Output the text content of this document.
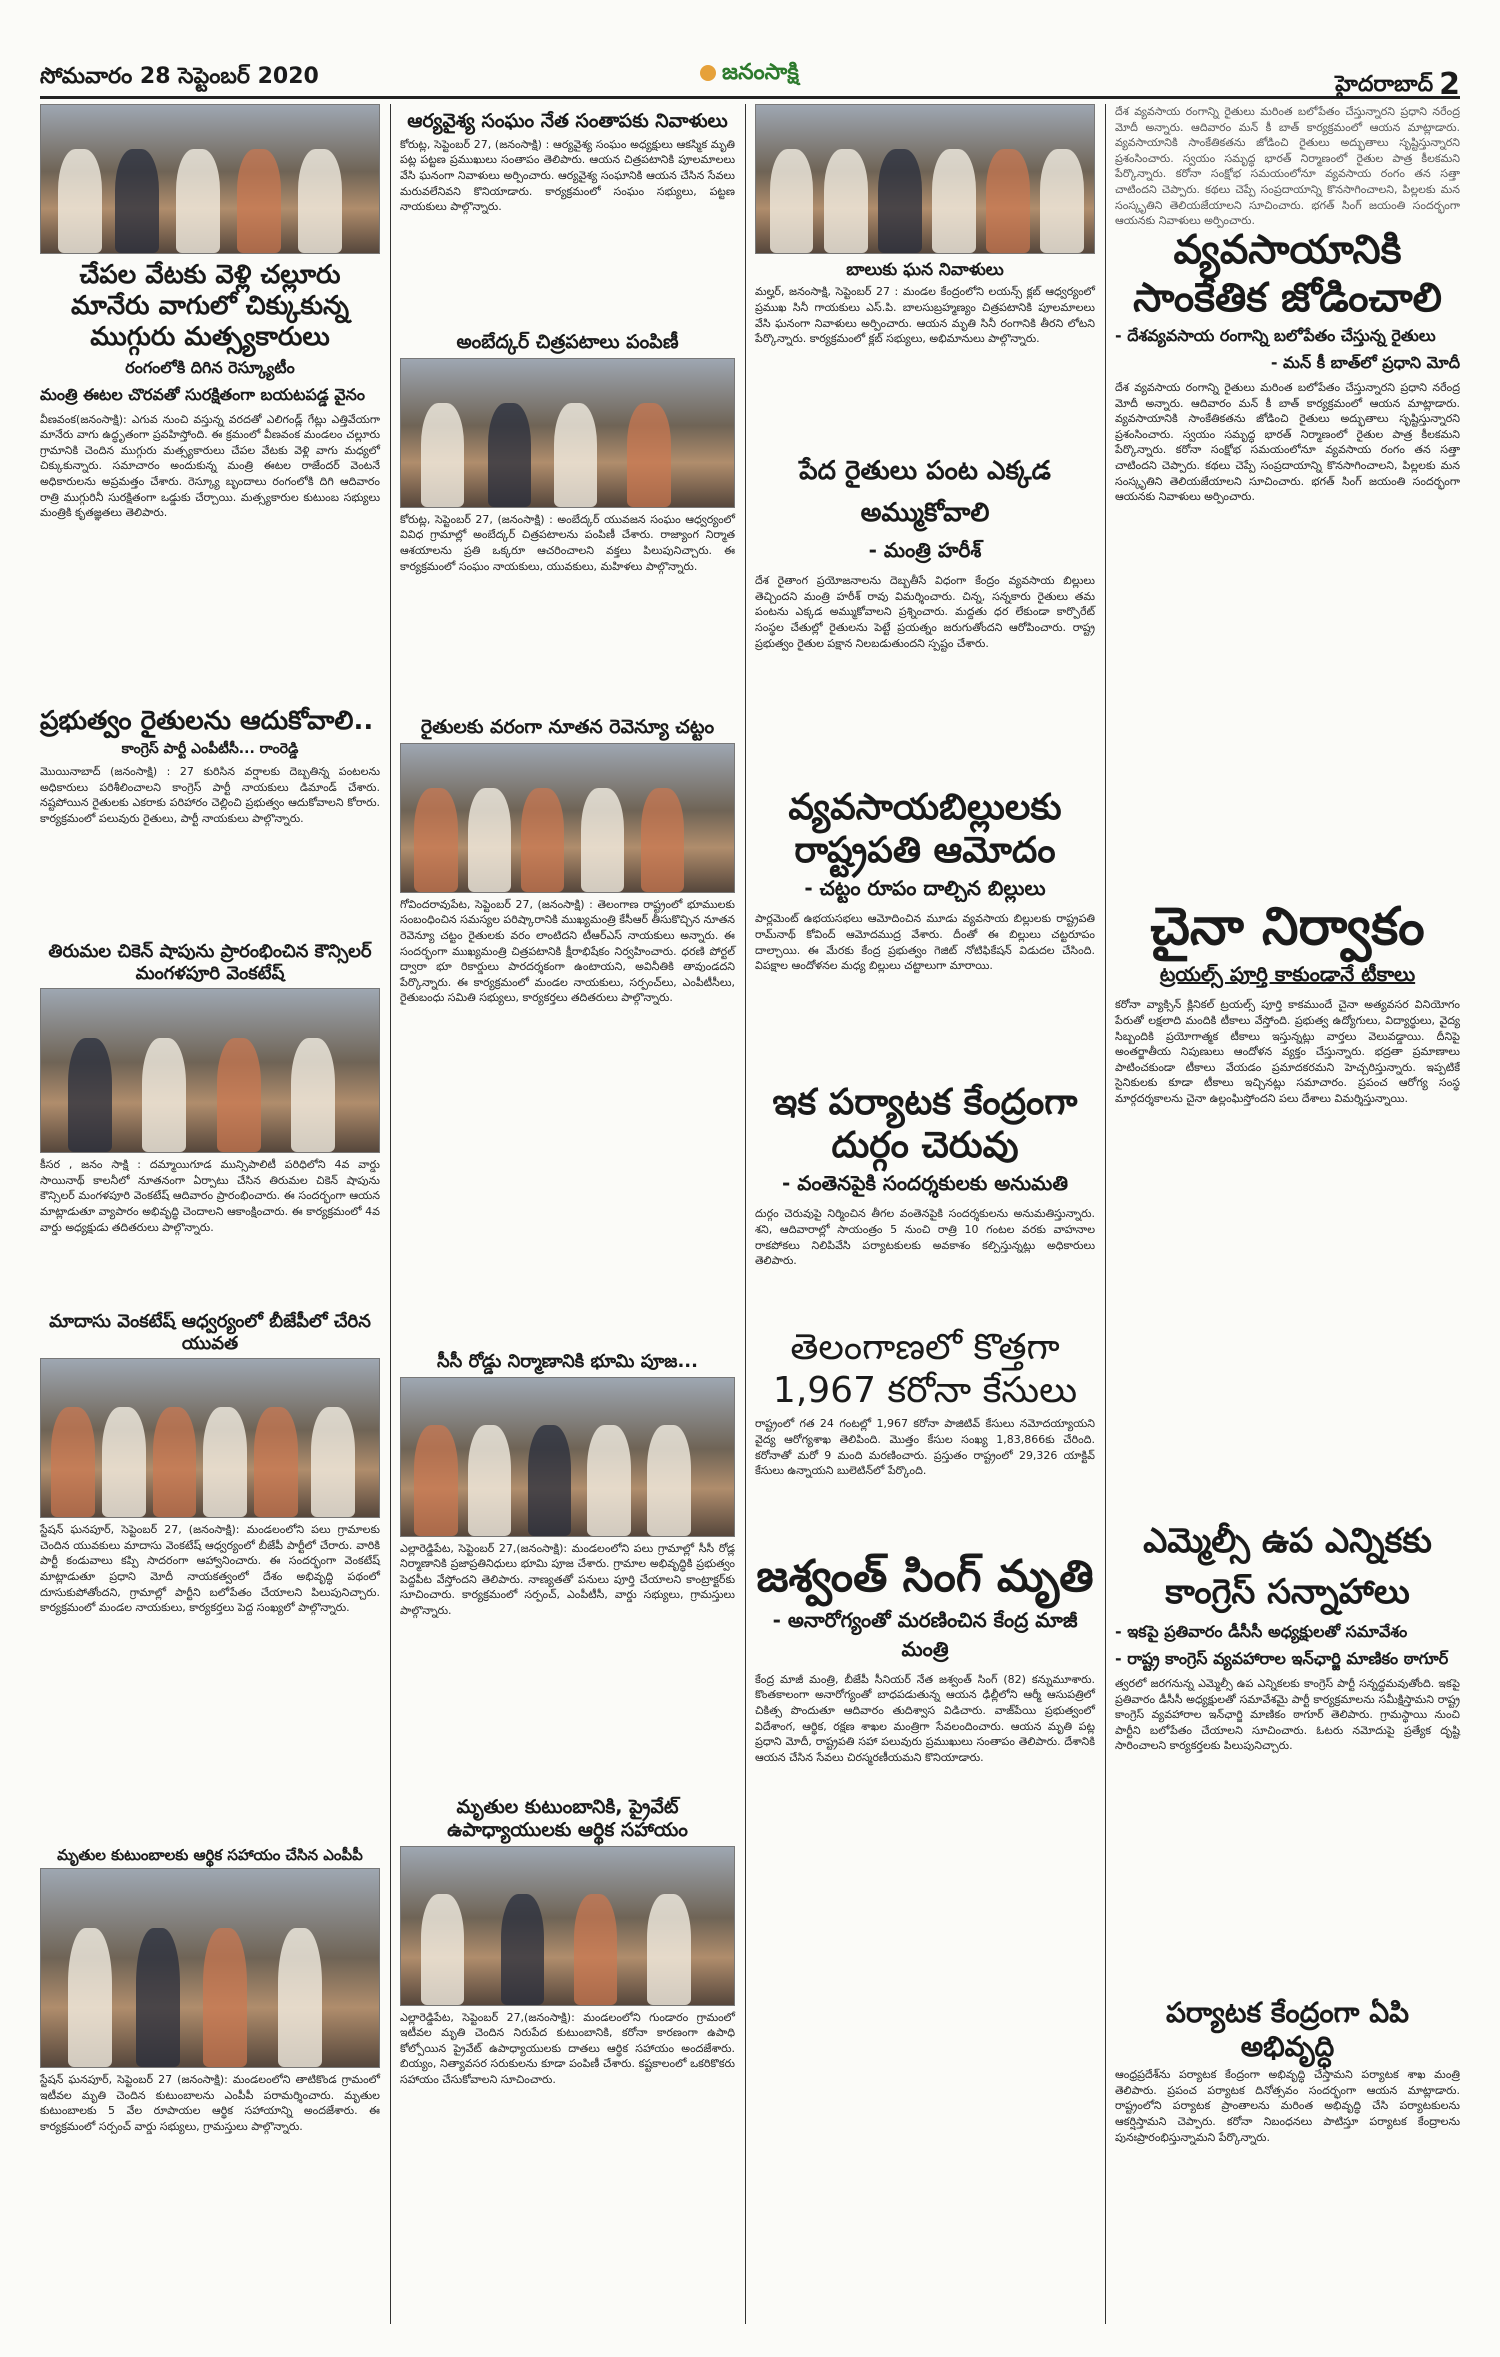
సోమవారం 28 సెప్టెంబర్ 2020	జనంసాక్షి	హైదరాబాద్ 2
చేపల వేటకు వెళ్లి చల్లూరు మానేరు వాగులో చిక్కుకున్న ముగ్గురు మత్స్యకారులు
రంగంలోకి దిగిన రెస్క్యూటీం
మంత్రి ఈటల చొరవతో సురక్షితంగా బయటపడ్డ వైనం
వీణవంక(జనంసాక్షి): ఎగువ నుంచి వస్తున్న వరదతో ఎలిగండ్ల్ గేట్లు ఎత్తివేయగా మానేరు వాగు ఉద్ధృతంగా ప్రవహిస్తోంది. ఈ క్రమంలో వీణవంక మండలం చల్లూరు గ్రామానికి చెందిన ముగ్గురు మత్స్యకారులు చేపల వేటకు వెళ్లి వాగు మధ్యలో చిక్కుకున్నారు. సమాచారం అందుకున్న మంత్రి ఈటల రాజేందర్ వెంటనే అధికారులను అప్రమత్తం చేశారు. రెస్క్యూ బృందాలు రంగంలోకి దిగి ఆదివారం రాత్రి ముగ్గురినీ సురక్షితంగా ఒడ్డుకు చేర్చాయి. మత్స్యకారుల కుటుంబ సభ్యులు మంత్రికి కృతజ్ఞతలు తెలిపారు.
ప్రభుత్వం రైతులను ఆదుకోవాలి..
కాంగ్రెస్ పార్టీ ఎంపీటీసీ... రాంరెడ్డి
మొయినాబాద్ (జనంసాక్షి) : 27 కురిసిన వర్షాలకు దెబ్బతిన్న పంటలను అధికారులు పరిశీలించాలని కాంగ్రెస్ పార్టీ నాయకులు డిమాండ్ చేశారు. నష్టపోయిన రైతులకు ఎకరాకు పరిహారం చెల్లించి ప్రభుత్వం ఆదుకోవాలని కోరారు. కార్యక్రమంలో పలువురు రైతులు, పార్టీ నాయకులు పాల్గొన్నారు.
తిరుమల చికెన్ షాపును ప్రారంభించిన కౌన్సిలర్ మంగళపూరి వెంకటేష్
కీసర , జనం సాక్షి : దమ్మాయిగూడ మున్సిపాలిటీ పరిధిలోని 4వ వార్డు సాయినాథ్ కాలనీలో నూతనంగా ఏర్పాటు చేసిన తిరుమల చికెన్ షాపును కౌన్సిలర్ మంగళపూరి వెంకటేష్ ఆదివారం ప్రారంభించారు. ఈ సందర్భంగా ఆయన మాట్లాడుతూ వ్యాపారం అభివృద్ధి చెందాలని ఆకాంక్షించారు. ఈ కార్యక్రమంలో 4వ వార్డు అధ్యక్షుడు తదితరులు పాల్గొన్నారు.
మాదాసు వెంకటేష్ ఆధ్వర్యంలో బీజేపీలో చేరిన యువత
స్టేషన్ ఘనపూర్, సెప్టెంబర్ 27, (జనంసాక్షి): మండలంలోని పలు గ్రామాలకు చెందిన యువకులు మాదాసు వెంకటేష్ ఆధ్వర్యంలో బీజేపీ పార్టీలో చేరారు. వారికి పార్టీ కండువాలు కప్పి సాదరంగా ఆహ్వానించారు. ఈ సందర్భంగా వెంకటేష్ మాట్లాడుతూ ప్రధాని మోదీ నాయకత్వంలో దేశం అభివృద్ధి పథంలో దూసుకుపోతోందని, గ్రామాల్లో పార్టీని బలోపేతం చేయాలని పిలుపునిచ్చారు. కార్యక్రమంలో మండల నాయకులు, కార్యకర్తలు పెద్ద సంఖ్యలో పాల్గొన్నారు.
మృతుల కుటుంబాలకు ఆర్థిక సహాయం చేసిన ఎంపీపీ
స్టేషన్ ఘనపూర్, సెప్టెంబర్ 27 (జనంసాక్షి): మండలంలోని తాటికొండ గ్రామంలో ఇటీవల మృతి చెందిన కుటుంబాలను ఎంపీపీ పరామర్శించారు. మృతుల కుటుంబాలకు 5 వేల రూపాయల ఆర్థిక సహాయాన్ని అందజేశారు. ఈ కార్యక్రమంలో సర్పంచ్ వార్డు సభ్యులు, గ్రామస్తులు పాల్గొన్నారు.
ఆర్యవైశ్య సంఘం నేత సంతాపకు నివాళులు
కోరుట్ల, సెప్టెంబర్ 27, (జనంసాక్షి) : ఆర్యవైశ్య సంఘం అధ్యక్షులు ఆకస్మిక మృతి పట్ల పట్టణ ప్రముఖులు సంతాపం తెలిపారు. ఆయన చిత్రపటానికి పూలమాలలు వేసి ఘనంగా నివాళులు అర్పించారు. ఆర్యవైశ్య సంఘానికి ఆయన చేసిన సేవలు మరువలేనివని కొనియాడారు. కార్యక్రమంలో సంఘం సభ్యులు, పట్టణ నాయకులు పాల్గొన్నారు.
అంబేద్కర్ చిత్రపటాలు పంపిణీ
కోరుట్ల, సెప్టెంబర్ 27, (జనంసాక్షి) : అంబేద్కర్ యువజన సంఘం ఆధ్వర్యంలో వివిధ గ్రామాల్లో అంబేద్కర్ చిత్రపటాలను పంపిణీ చేశారు. రాజ్యాంగ నిర్మాత ఆశయాలను ప్రతి ఒక్కరూ ఆచరించాలని వక్తలు పిలుపునిచ్చారు. ఈ కార్యక్రమంలో సంఘం నాయకులు, యువకులు, మహిళలు పాల్గొన్నారు.
రైతులకు వరంగా నూతన రెవెన్యూ చట్టం
గోవిందరావుపేట, సెప్టెంబర్ 27, (జనంసాక్షి) : తెలంగాణ రాష్ట్రంలో భూములకు సంబంధించిన సమస్యల పరిష్కారానికి ముఖ్యమంత్రి కేసీఆర్ తీసుకొచ్చిన నూతన రెవెన్యూ చట్టం రైతులకు వరం లాంటిదని టీఆర్ఎస్ నాయకులు అన్నారు. ఈ సందర్భంగా ముఖ్యమంత్రి చిత్రపటానికి క్షీరాభిషేకం నిర్వహించారు. ధరణి పోర్టల్ ద్వారా భూ రికార్డులు పారదర్శకంగా ఉంటాయని, అవినీతికి తావుండదని పేర్కొన్నారు. ఈ కార్యక్రమంలో మండల నాయకులు, సర్పంచ్‌లు, ఎంపీటీసీలు, రైతుబంధు సమితి సభ్యులు, కార్యకర్తలు తదితరులు పాల్గొన్నారు.
సీసీ రోడ్డు నిర్మాణానికి భూమి పూజ...
ఎల్లారెడ్డిపేట, సెప్టెంబర్ 27,(జనంసాక్షి): మండలంలోని పలు గ్రామాల్లో సీసీ రోడ్ల నిర్మాణానికి ప్రజాప్రతినిధులు భూమి పూజ చేశారు. గ్రామాల అభివృద్ధికి ప్రభుత్వం పెద్దపీట వేస్తోందని తెలిపారు. నాణ్యతతో పనులు పూర్తి చేయాలని కాంట్రాక్టర్‌కు సూచించారు. కార్యక్రమంలో సర్పంచ్, ఎంపీటీసీ, వార్డు సభ్యులు, గ్రామస్తులు పాల్గొన్నారు.
మృతుల కుటుంబానికి, ప్రైవేట్ ఉపాధ్యాయులకు ఆర్థిక సహాయం
ఎల్లారెడ్డిపేట, సెప్టెంబర్ 27,(జనంసాక్షి): మండలంలోని గుండారం గ్రామంలో ఇటీవల మృతి చెందిన నిరుపేద కుటుంబానికి, కరోనా కారణంగా ఉపాధి కోల్పోయిన ప్రైవేట్ ఉపాధ్యాయులకు దాతలు ఆర్థిక సహాయం అందజేశారు. బియ్యం, నిత్యావసర సరుకులను కూడా పంపిణీ చేశారు. కష్టకాలంలో ఒకరికొకరు సహాయం చేసుకోవాలని సూచించారు.
బాలుకు ఘన నివాళులు
మల్హర్, జనంసాక్షి, సెప్టెంబర్ 27 : మండల కేంద్రంలోని లయన్స్ క్లబ్ ఆధ్వర్యంలో ప్రముఖ సినీ గాయకులు ఎస్.పి. బాలసుబ్రహ్మణ్యం చిత్రపటానికి పూలమాలలు వేసి ఘనంగా నివాళులు అర్పించారు. ఆయన మృతి సినీ రంగానికి తీరని లోటని పేర్కొన్నారు. కార్యక్రమంలో క్లబ్ సభ్యులు, అభిమానులు పాల్గొన్నారు.
పేద రైతులు పంట ఎక్కడ అమ్ముకోవాలి
- మంత్రి హరీశ్
దేశ రైతాంగ ప్రయోజనాలను దెబ్బతీసే విధంగా కేంద్రం వ్యవసాయ బిల్లులు తెచ్చిందని మంత్రి హరీశ్ రావు విమర్శించారు. చిన్న, సన్నకారు రైతులు తమ పంటను ఎక్కడ అమ్ముకోవాలని ప్రశ్నించారు. మద్దతు ధర లేకుండా కార్పొరేట్ సంస్థల చేతుల్లో రైతులను పెట్టే ప్రయత్నం జరుగుతోందని ఆరోపించారు. రాష్ట్ర ప్రభుత్వం రైతుల పక్షాన నిలబడుతుందని స్పష్టం చేశారు.
వ్యవసాయబిల్లులకు రాష్ట్రపతి ఆమోదం
- చట్టం రూపం దాల్చిన బిల్లులు
పార్లమెంట్ ఉభయసభలు ఆమోదించిన మూడు వ్యవసాయ బిల్లులకు రాష్ట్రపతి రామ్‌నాథ్ కోవింద్ ఆమోదముద్ర వేశారు. దీంతో ఈ బిల్లులు చట్టరూపం దాల్చాయి. ఈ మేరకు కేంద్ర ప్రభుత్వం గెజిట్ నోటిఫికేషన్ విడుదల చేసింది. విపక్షాల ఆందోళనల మధ్య బిల్లులు చట్టాలుగా మారాయి.
ఇక పర్యాటక కేంద్రంగా దుర్గం చెరువు
- వంతెనపైకి సందర్శకులకు అనుమతి
దుర్గం చెరువుపై నిర్మించిన తీగల వంతెనపైకి సందర్శకులను అనుమతిస్తున్నారు. శని, ఆదివారాల్లో సాయంత్రం 5 నుంచి రాత్రి 10 గంటల వరకు వాహనాల రాకపోకలు నిలిపివేసి పర్యాటకులకు అవకాశం కల్పిస్తున్నట్లు అధికారులు తెలిపారు.
తెలంగాణలో కొత్తగా 1,967 కరోనా కేసులు
రాష్ట్రంలో గత 24 గంటల్లో 1,967 కరోనా పాజిటివ్ కేసులు నమోదయ్యాయని వైద్య ఆరోగ్యశాఖ తెలిపింది. మొత్తం కేసుల సంఖ్య 1,83,866కు చేరింది. కరోనాతో మరో 9 మంది మరణించారు. ప్రస్తుతం రాష్ట్రంలో 29,326 యాక్టివ్ కేసులు ఉన్నాయని బులెటిన్‌లో పేర్కొంది.
జశ్వంత్ సింగ్ మృతి
- అనారోగ్యంతో మరణించిన కేంద్ర మాజీ మంత్రి
కేంద్ర మాజీ మంత్రి, బీజేపీ సీనియర్ నేత జశ్వంత్ సింగ్ (82) కన్నుమూశారు. కొంతకాలంగా అనారోగ్యంతో బాధపడుతున్న ఆయన ఢిల్లీలోని ఆర్మీ ఆసుపత్రిలో చికిత్స పొందుతూ ఆదివారం తుదిశ్వాస విడిచారు. వాజ్‌పేయి ప్రభుత్వంలో విదేశాంగ, ఆర్థిక, రక్షణ శాఖల మంత్రిగా సేవలందించారు. ఆయన మృతి పట్ల ప్రధాని మోదీ, రాష్ట్రపతి సహా పలువురు ప్రముఖులు సంతాపం తెలిపారు. దేశానికి ఆయన చేసిన సేవలు చిరస్మరణీయమని కొనియాడారు.
దేశ వ్యవసాయ రంగాన్ని రైతులు మరింత బలోపేతం చేస్తున్నారని ప్రధాని నరేంద్ర మోదీ అన్నారు. ఆదివారం మన్ కీ బాత్ కార్యక్రమంలో ఆయన మాట్లాడారు. వ్యవసాయానికి సాంకేతికతను జోడించి రైతులు అద్భుతాలు సృష్టిస్తున్నారని ప్రశంసించారు. స్వయం సమృద్ధ భారత్ నిర్మాణంలో రైతుల పాత్ర కీలకమని పేర్కొన్నారు. కరోనా సంక్షోభ సమయంలోనూ వ్యవసాయ రంగం తన సత్తా చాటిందని చెప్పారు. కథలు చెప్పే సంప్రదాయాన్ని కొనసాగించాలని, పిల్లలకు మన సంస్కృతిని తెలియజేయాలని సూచించారు. భగత్ సింగ్ జయంతి సందర్భంగా ఆయనకు నివాళులు అర్పించారు.
వ్యవసాయానికి సాంకేతిక జోడించాలి
- దేశవ్యవసాయ రంగాన్ని బలోపేతం చేస్తున్న రైతులు
- మన్ కీ బాత్‌లో ప్రధాని మోదీ
దేశ వ్యవసాయ రంగాన్ని రైతులు మరింత బలోపేతం చేస్తున్నారని ప్రధాని నరేంద్ర మోదీ అన్నారు. ఆదివారం మన్ కీ బాత్ కార్యక్రమంలో ఆయన మాట్లాడారు. వ్యవసాయానికి సాంకేతికతను జోడించి రైతులు అద్భుతాలు సృష్టిస్తున్నారని ప్రశంసించారు. స్వయం సమృద్ధ భారత్ నిర్మాణంలో రైతుల పాత్ర కీలకమని పేర్కొన్నారు. కరోనా సంక్షోభ సమయంలోనూ వ్యవసాయ రంగం తన సత్తా చాటిందని చెప్పారు. కథలు చెప్పే సంప్రదాయాన్ని కొనసాగించాలని, పిల్లలకు మన సంస్కృతిని తెలియజేయాలని సూచించారు. భగత్ సింగ్ జయంతి సందర్భంగా ఆయనకు నివాళులు అర్పించారు.
చైనా నిర్వాకం
ట్రయల్స్ పూర్తి కాకుండానే టీకాలు
కరోనా వ్యాక్సిన్ క్లినికల్ ట్రయల్స్ పూర్తి కాకముందే చైనా అత్యవసర వినియోగం పేరుతో లక్షలాది మందికి టీకాలు వేస్తోంది. ప్రభుత్వ ఉద్యోగులు, విద్యార్థులు, వైద్య సిబ్బందికి ప్రయోగాత్మక టీకాలు ఇస్తున్నట్లు వార్తలు వెలువడ్డాయి. దీనిపై అంతర్జాతీయ నిపుణులు ఆందోళన వ్యక్తం చేస్తున్నారు. భద్రతా ప్రమాణాలు పాటించకుండా టీకాలు వేయడం ప్రమాదకరమని హెచ్చరిస్తున్నారు. ఇప్పటికే సైనికులకు కూడా టీకాలు ఇచ్చినట్లు సమాచారం. ప్రపంచ ఆరోగ్య సంస్థ మార్గదర్శకాలను చైనా ఉల్లంఘిస్తోందని పలు దేశాలు విమర్శిస్తున్నాయి.
ఎమ్మెల్సీ ఉప ఎన్నికకు కాంగ్రెస్ సన్నాహాలు
- ఇకపై ప్రతివారం డీసీసీ అధ్యక్షులతో సమావేశం
- రాష్ట్ర కాంగ్రెస్ వ్యవహారాల ఇన్‌ఛార్జి మాణికం ఠాగూర్
త్వరలో జరగనున్న ఎమ్మెల్సీ ఉప ఎన్నికలకు కాంగ్రెస్ పార్టీ సన్నద్ధమవుతోంది. ఇకపై ప్రతివారం డీసీసీ అధ్యక్షులతో సమావేశమై పార్టీ కార్యక్రమాలను సమీక్షిస్తామని రాష్ట్ర కాంగ్రెస్ వ్యవహారాల ఇన్‌ఛార్జి మాణికం ఠాగూర్ తెలిపారు. గ్రామస్థాయి నుంచి పార్టీని బలోపేతం చేయాలని సూచించారు. ఓటరు నమోదుపై ప్రత్యేక దృష్టి సారించాలని కార్యకర్తలకు పిలుపునిచ్చారు.
పర్యాటక కేంద్రంగా ఏపి అభివృద్ధి
ఆంధ్రప్రదేశ్‌ను పర్యాటక కేంద్రంగా అభివృద్ధి చేస్తామని పర్యాటక శాఖ మంత్రి తెలిపారు. ప్రపంచ పర్యాటక దినోత్సవం సందర్భంగా ఆయన మాట్లాడారు. రాష్ట్రంలోని పర్యాటక ప్రాంతాలను మరింత అభివృద్ధి చేసి పర్యాటకులను ఆకర్షిస్తామని చెప్పారు. కరోనా నిబంధనలు పాటిస్తూ పర్యాటక కేంద్రాలను పునఃప్రారంభిస్తున్నామని పేర్కొన్నారు.
